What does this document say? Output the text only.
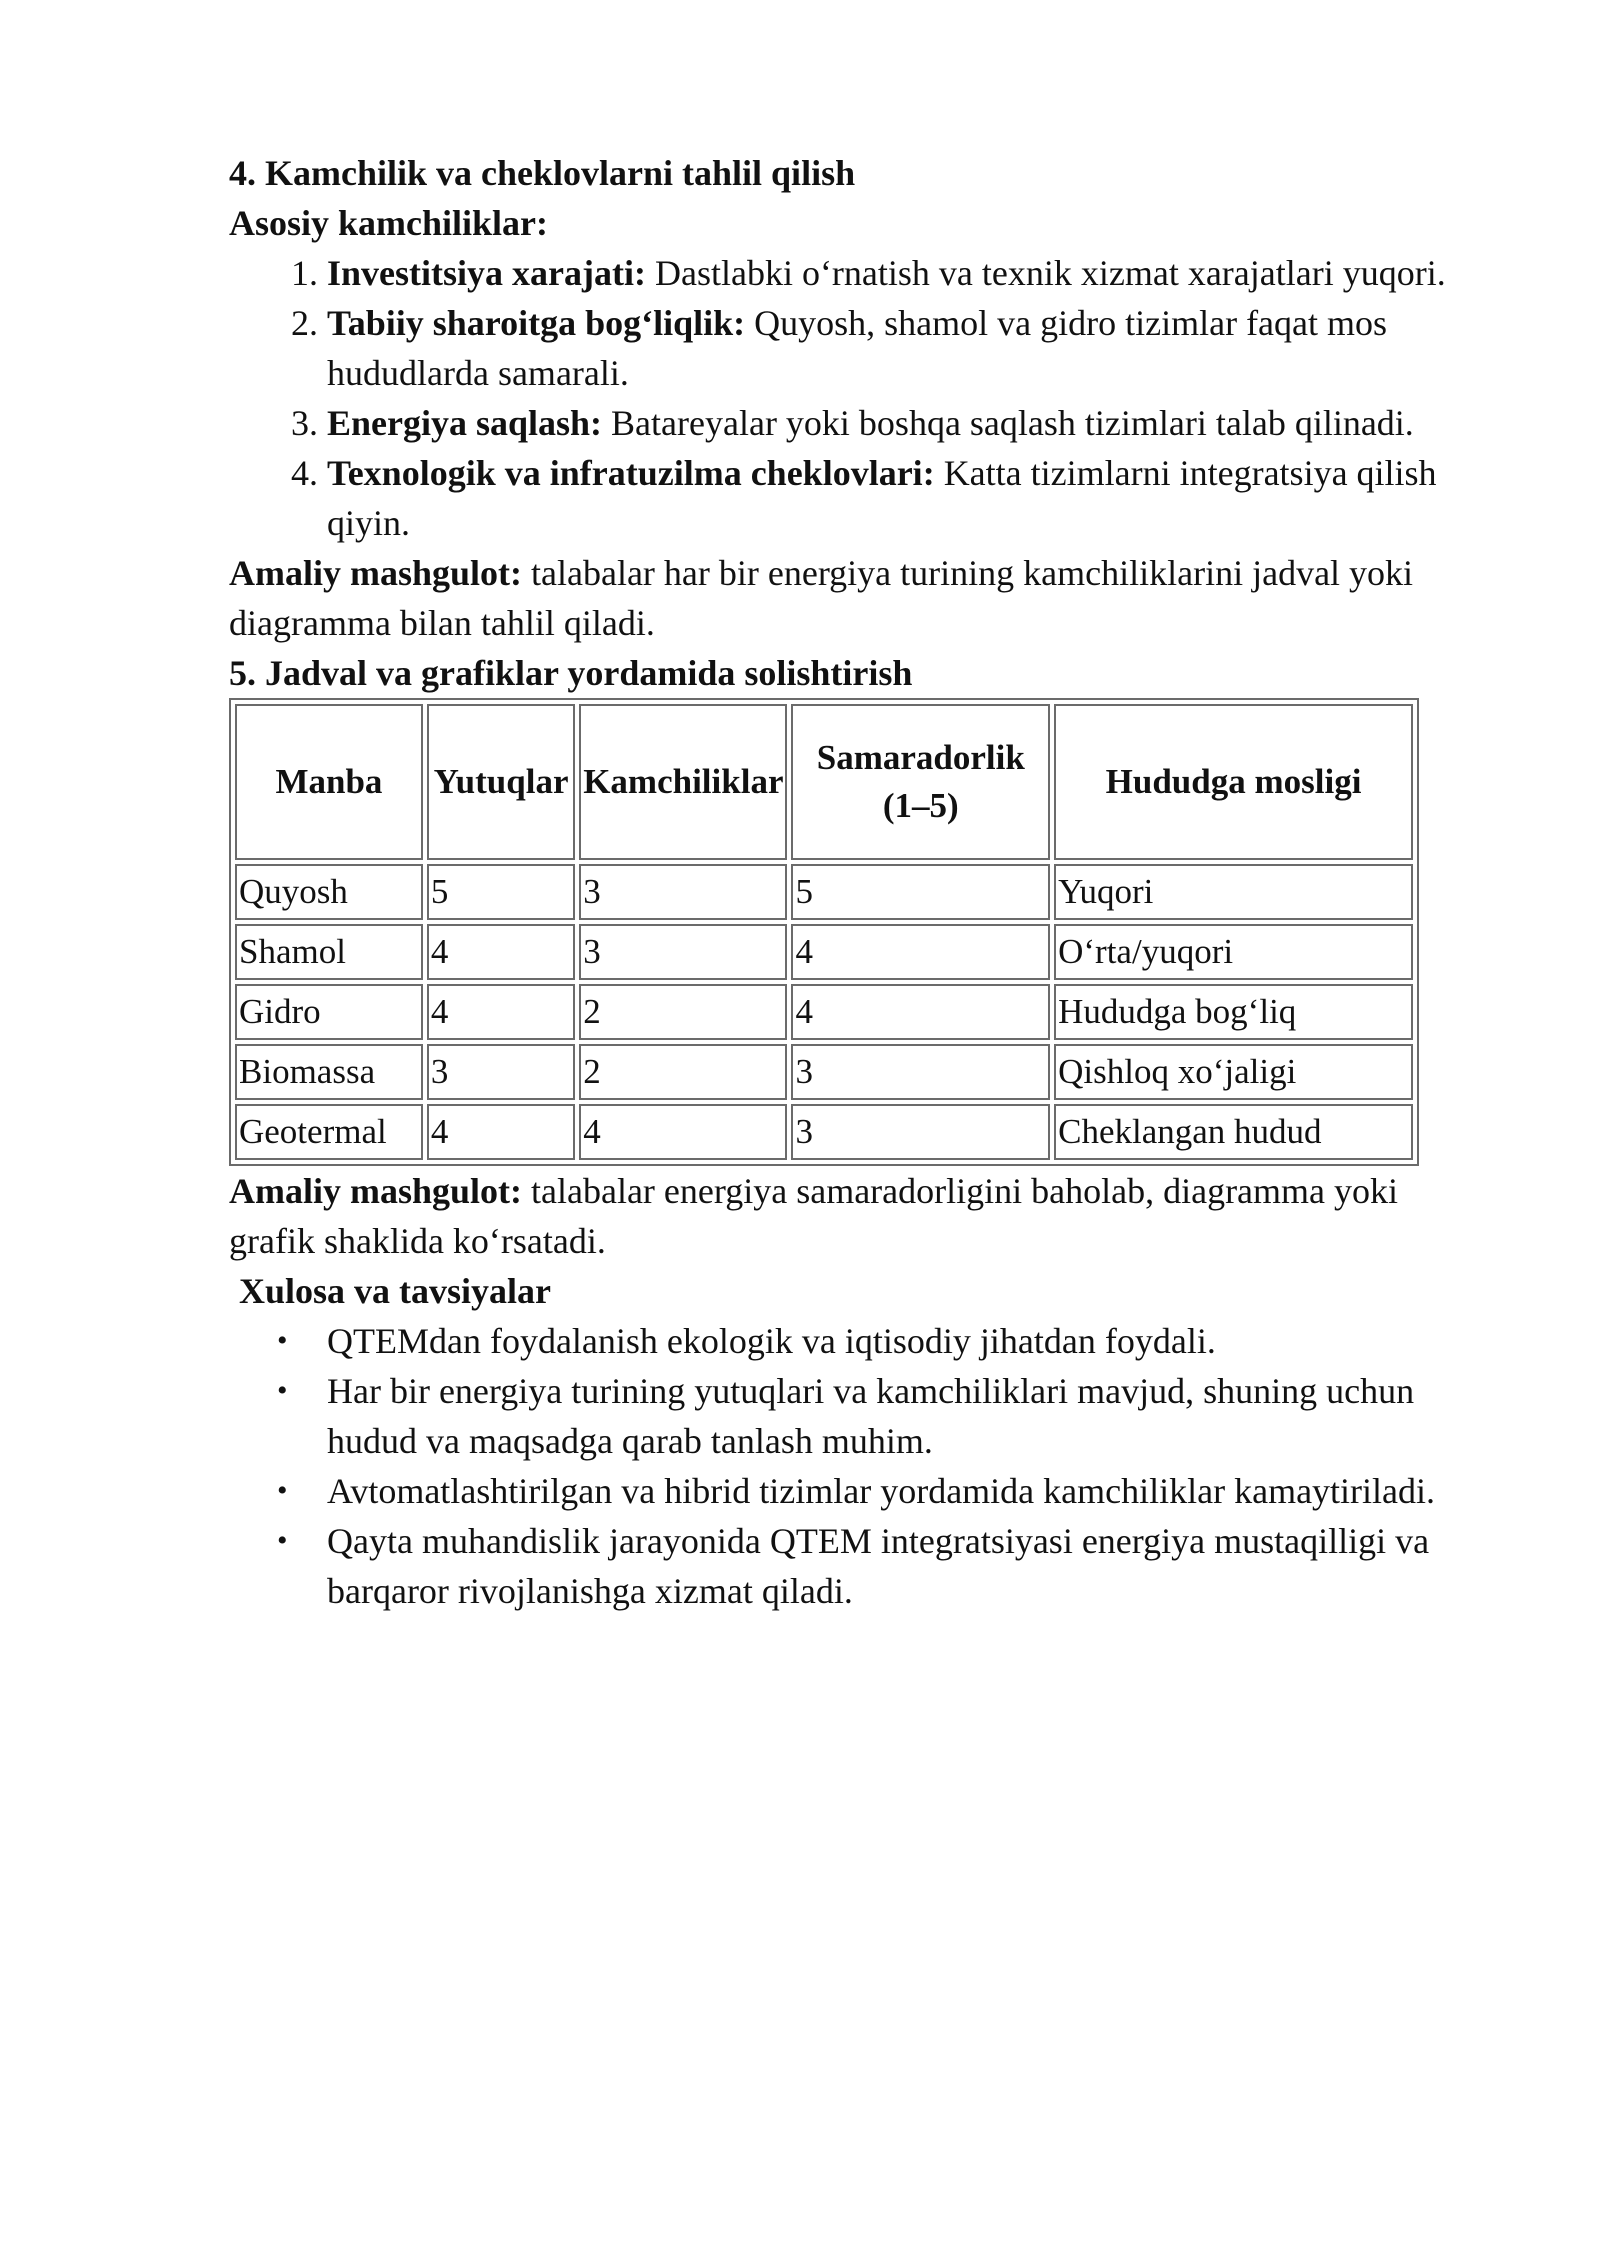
4. Kamchilik va cheklovlarni tahlil qilish

Asosiy kamchiliklar:

1. Investitsiya xarajati: Dastlabki o‘rnatish va texnik xizmat xarajatlari yuqori.
2. Tabiiy sharoitga bog‘liqlik: Quyosh, shamol va gidro tizimlar faqat mos hududlarda samarali.
3. Energiya saqlash: Batareyalar yoki boshqa saqlash tizimlari talab qilinadi.
4. Texnologik va infratuzilma cheklovlari: Katta tizimlarni integratsiya qilish qiyin.

Amaliy mashgulot: talabalar har bir energiya turining kamchiliklarini jadval yoki diagramma bilan tahlil qiladi.

5. Jadval va grafiklar yordamida solishtirish

Manba	Yutuqlar	Kamchiliklar	Samaradorlik (1–5)	Hududga mosligi
Quyosh	5	3	5	Yuqori
Shamol	4	3	4	O‘rta/yuqori
Gidro	4	2	4	Hududga bog‘liq
Biomassa	3	2	3	Qishloq xo‘jaligi
Geotermal	4	4	3	Cheklangan hudud

Amaliy mashgulot: talabalar energiya samaradorligini baholab, diagramma yoki grafik shaklida ko‘rsatadi.

Xulosa va tavsiyalar

• QTEMdan foydalanish ekologik va iqtisodiy jihatdan foydali.
• Har bir energiya turining yutuqlari va kamchiliklari mavjud, shuning uchun hudud va maqsadga qarab tanlash muhim.
• Avtomatlashtirilgan va hibrid tizimlar yordamida kamchiliklar kamaytiriladi.
• Qayta muhandislik jarayonida QTEM integratsiyasi energiya mustaqilligi va barqaror rivojlanishga xizmat qiladi.
